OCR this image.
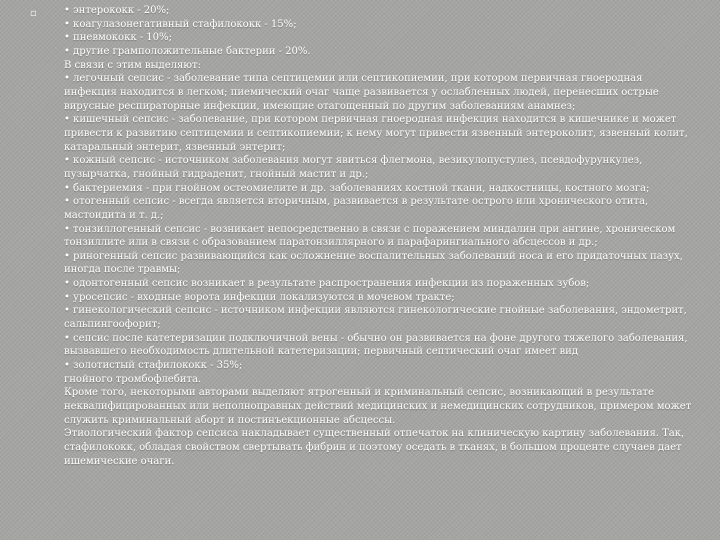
▫	• энтерококк - 20%;

• коагулазонегативный стафилококк - 15%;

• пневмококк - 10%;

• другие грамположительные бактерии - 20%.

В связи с этим выделяют:

• легочный сепсис - заболевание типа септицемии или септикопиемии, при котором первичная гноеродная инфекция находится в легком; пиемический очаг чаще развивается у ослабленных людей, перенесших острые вирусные респираторные инфекции, имеющие отагощенный по другим заболеваниям анамнез;

• кишечный сепсис - заболевание, при котором первичная гноеродная инфекция находится в кишечнике и может привести к развитию септицемии и септикопиемии; к нему могут привести язвенный энтероколит, язвенный колит, катаральный энтерит, язвенный энтерит;

• кожный сепсис - источником заболевания могут явиться флегмона, везикулопустулез, псевдофурункулез, пузырчатка, гнойный гидраденит, гнойный мастит и др.;

• бактериемия - при гнойном остеомиелите и др. заболеваниях костной ткани, надкостницы, костного мозга;

• отогенный сепсис - всегда является вторичным, развивается в результате острого или хронического отита, мастоидита и т. д.;

• тонзиллогенный сепсис - возникает непосредственно в связи с поражением миндалин при ангине, хроническом тонзиллите или в связи с образованием паратонзиллярного и парафарингиального абсцессов и др.;

• риногенный сепсис развивающийся как осложнение воспалительных заболеваний носа и его придаточных пазух, иногда после травмы;

• одонтогенный сепсис возникает в результате распространения инфекции из пораженных зубов;

• уросепсис - входные ворота инфекции локализуются в мочевом тракте;

• гинекологический сепсис - источником инфекции являются гинекологические гнойные заболевания, эндометрит, сальпингоофорит;

• сепсис после катетеризации подключичной вены - обычно он развивается на фоне другого тяжелого заболевания, вызвавшего необходимость длительной катетеризации; первичный септический очаг имеет вид

• золотистый стафилококк - 35%;

гнойного тромбофлебита.

Кроме того, некоторыми авторами выделяют ятрогенный и криминальный сепсис, возникающий в результате неквалифицированных или неполноправных действий медицинских и немедицинских сотрудников, примером может служить криминальный аборт и постинъекционные абсцессы.

Этиологический фактор сепсиса накладывает существенный отпечаток на клиническую картину заболевания. Так, стафилококк, обладая свойством свертывать фибрин и поэтому оседать в тканях, в большом проценте случаев дает ишемические очаги.
